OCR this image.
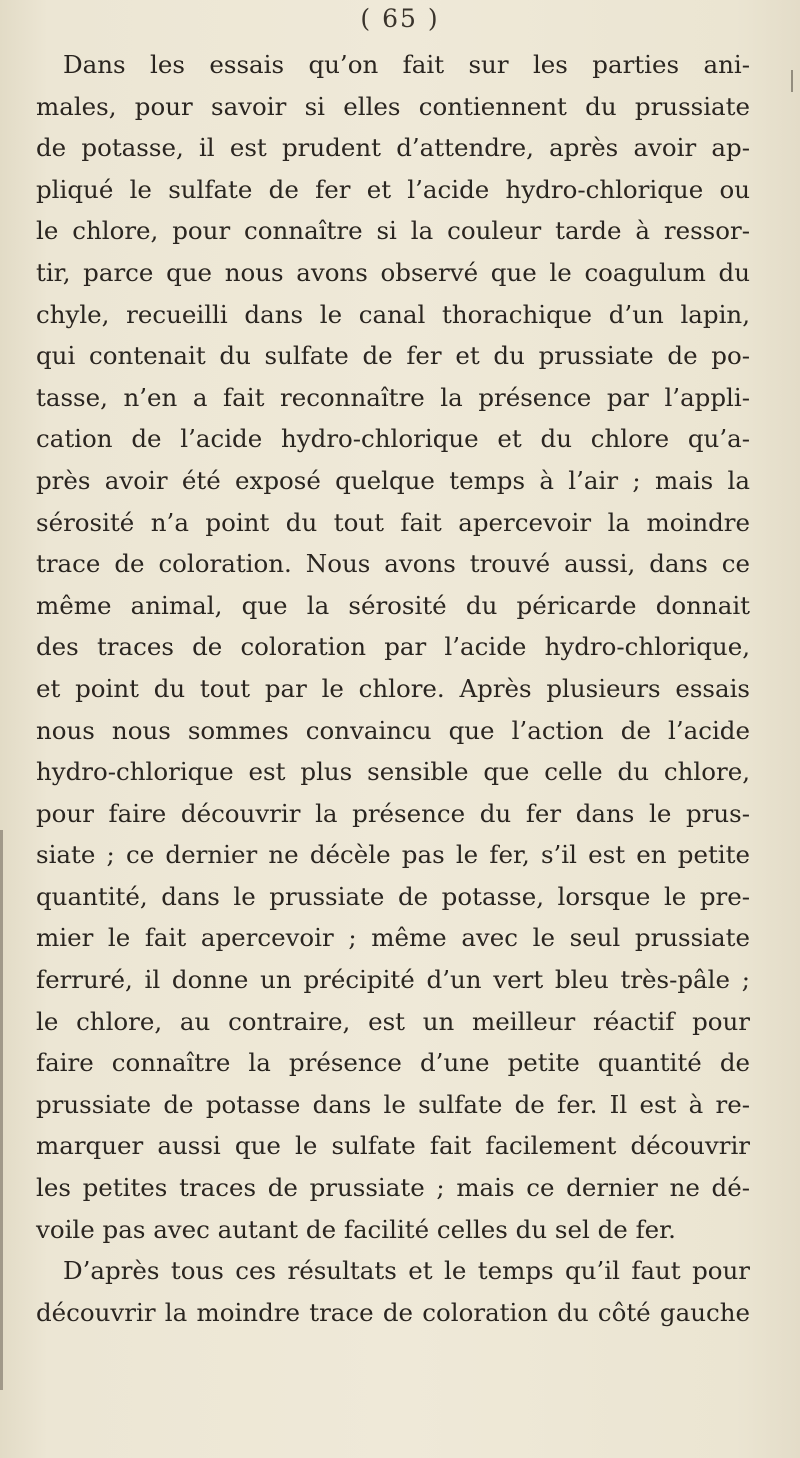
( 65 )
Dans les essais qu’on fait sur les parties ani-
males, pour savoir si elles contiennent du prussiate
de potasse, il est prudent d’attendre, après avoir ap-
pliqué le sulfate de fer et l’acide hydro-chlorique ou
le chlore, pour connaître si la couleur tarde à ressor-
tir, parce que nous avons observé que le coagulum du
chyle, recueilli dans le canal thorachique d’un lapin,
qui contenait du sulfate de fer et du prussiate de po-
tasse, n’en a fait reconnaître la présence par l’appli-
cation de l’acide hydro-chlorique et du chlore qu’a-
près avoir été exposé quelque temps à l’air ; mais la
sérosité n’a point du tout fait apercevoir la moindre
trace de coloration. Nous avons trouvé aussi, dans ce
même animal, que la sérosité du péricarde donnait
des traces de coloration par l’acide hydro-chlorique,
et point du tout par le chlore. Après plusieurs essais
nous nous sommes convaincu que l’action de l’acide
hydro-chlorique est plus sensible que celle du chlore,
pour faire découvrir la présence du fer dans le prus-
siate ; ce dernier ne décèle pas le fer, s’il est en petite
quantité, dans le prussiate de potasse, lorsque le pre-
mier le fait apercevoir ; même avec le seul prussiate
ferruré, il donne un précipité d’un vert bleu très-pâle ;
le chlore, au contraire, est un meilleur réactif pour
faire connaître la présence d’une petite quantité de
prussiate de potasse dans le sulfate de fer. Il est à re-
marquer aussi que le sulfate fait facilement découvrir
les petites traces de prussiate ; mais ce dernier ne dé-
voile pas avec autant de facilité celles du sel de fer.
D’après tous ces résultats et le temps qu’il faut pour
découvrir la moindre trace de coloration du côté gauche
